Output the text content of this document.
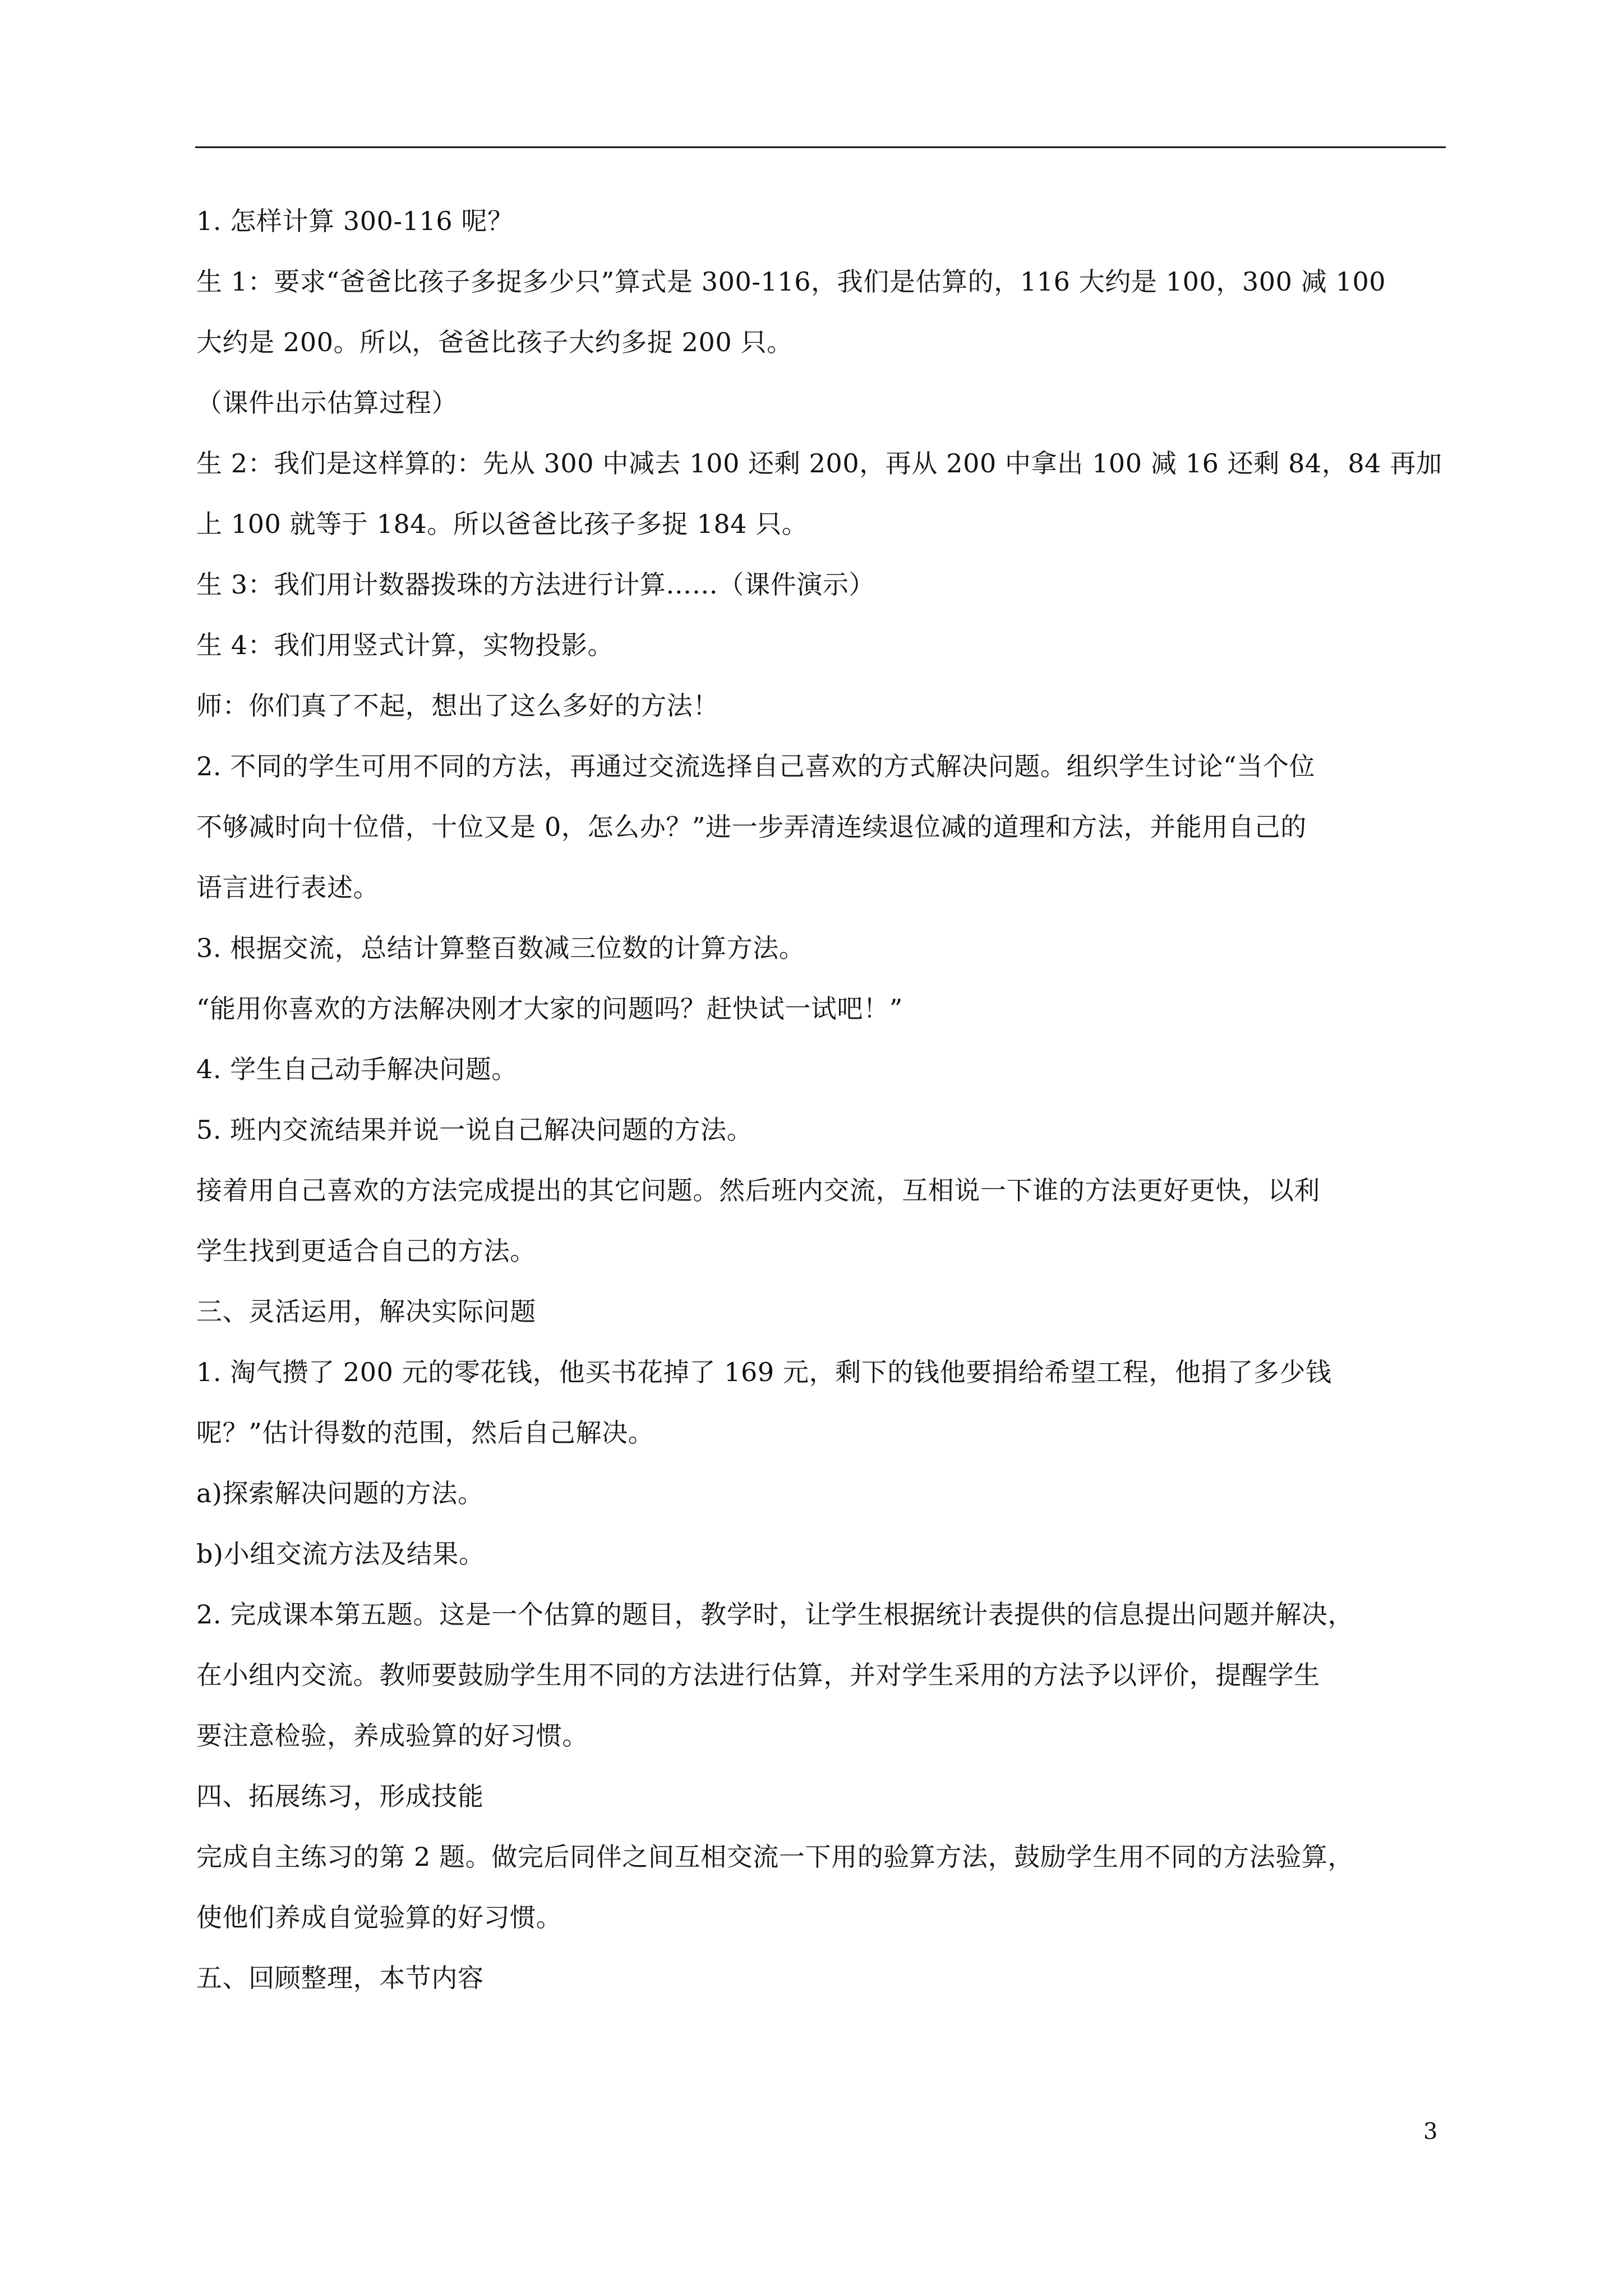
1. 怎样计算 300-116 呢？
生 1：要求“爸爸比孩子多捉多少只”算式是 300-116，我们是估算的，116 大约是 100，300 减 100
大约是 200。所以，爸爸比孩子大约多捉 200 只。
（课件出示估算过程）
生 2：我们是这样算的：先从 300 中减去 100 还剩 200，再从 200 中拿出 100 减 16 还剩 84，84 再加
上 100 就等于 184。所以爸爸比孩子多捉 184 只。
生 3：我们用计数器拨珠的方法进行计算……（课件演示）
生 4：我们用竖式计算，实物投影。
师：你们真了不起，想出了这么多好的方法！
2. 不同的学生可用不同的方法，再通过交流选择自己喜欢的方式解决问题。组织学生讨论“当个位
不够减时向十位借，十位又是 0，怎么办？”进一步弄清连续退位减的道理和方法，并能用自己的
语言进行表述。
3. 根据交流，总结计算整百数减三位数的计算方法。
“能用你喜欢的方法解决刚才大家的问题吗？赶快试一试吧！”
4. 学生自己动手解决问题。
5. 班内交流结果并说一说自己解决问题的方法。
接着用自己喜欢的方法完成提出的其它问题。然后班内交流，互相说一下谁的方法更好更快，以利
学生找到更适合自己的方法。
三、灵活运用，解决实际问题
1. 淘气攒了 200 元的零花钱，他买书花掉了 169 元，剩下的钱他要捐给希望工程，他捐了多少钱
呢？”估计得数的范围，然后自己解决。
a)探索解决问题的方法。
b)小组交流方法及结果。
2. 完成课本第五题。这是一个估算的题目，教学时，让学生根据统计表提供的信息提出问题并解决，
在小组内交流。教师要鼓励学生用不同的方法进行估算，并对学生采用的方法予以评价，提醒学生
要注意检验，养成验算的好习惯。
四、拓展练习，形成技能
完成自主练习的第 2 题。做完后同伴之间互相交流一下用的验算方法，鼓励学生用不同的方法验算，
使他们养成自觉验算的好习惯。
五、回顾整理，本节内容
3
